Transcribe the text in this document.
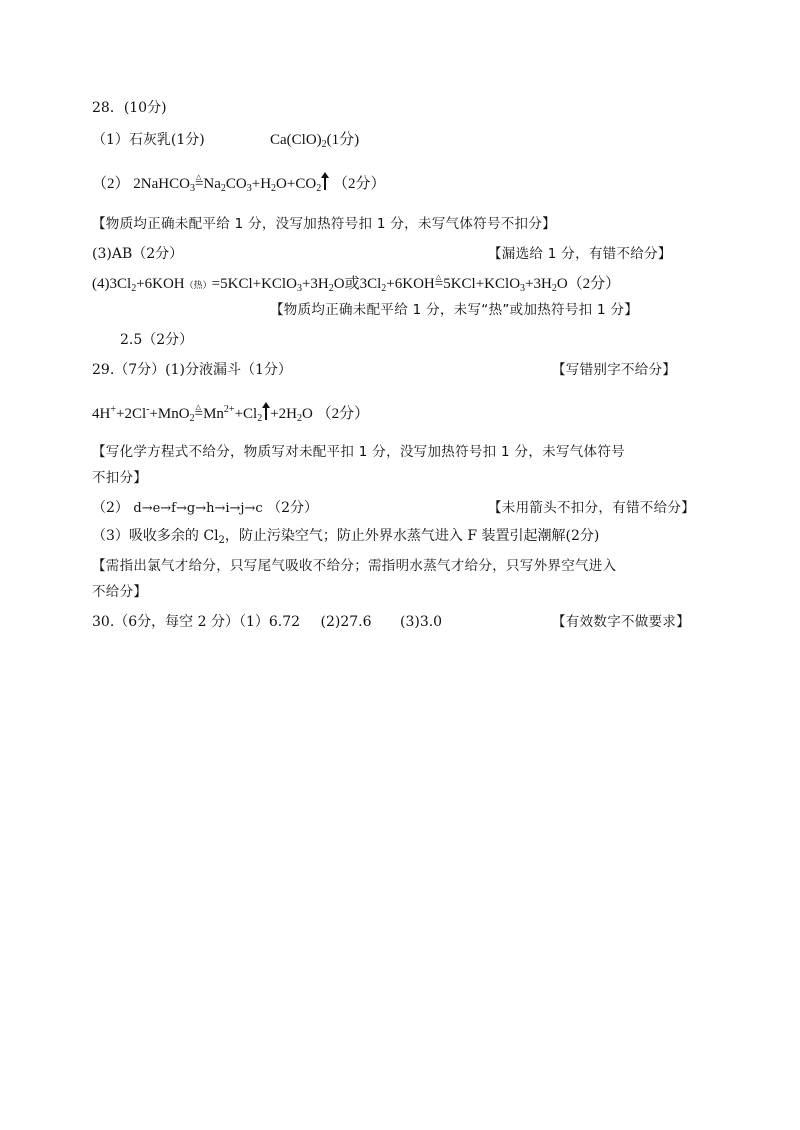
28．(10分)
（1）石灰乳(1分)	$Ca(ClO)_2(1$分)
（2） 2NaHCO$_3$△ $=Na_2CO_3+H_2O+CO_2$ （2分）
【物质均正确未配平给 1 分，没写加热符号扣 1 分，未写气体符号不扣分】
(3)AB（2分）	【漏选给 1 分，有错不给分】
$(4)3Cl_2+6KOH$（热）$=5KCl+KClO_3+3H_2O$或$3Cl_2+6KOH\triangle$ $=5KCl+KClO_3+3H_2O(2$分）
【物质均正确未配平给 1 分，未写“热”或加热符号扣 1 分】
2.5（2分）
29.（7分）(1)分液漏斗（1分）	【写错别字不给分】
4H++2Cl-+MnO$_2$△ $=Mn^{2+}+Cl_2 +2H_2O$ （2分）
【写化学方程式不给分，物质写对未配平扣 1 分，没写加热符号扣 1 分，未写气体符号
不扣分】
（2） d→e→f→g→h→i→j→c （2分）	【未用箭头不扣分，有错不给分】
（3）吸收多余的 $Cl_2$，防止污染空气；防止外界水蒸气进入 F 装置引起潮解(2分)
【需指出氯气才给分，只写尾气吸收不给分；需指明水蒸气才给分，只写外界空气进入
不给分】
30.（6分，每空 2 分）（1）6.72 (2)27.6 (3)3.0	【有效数字不做要求】
